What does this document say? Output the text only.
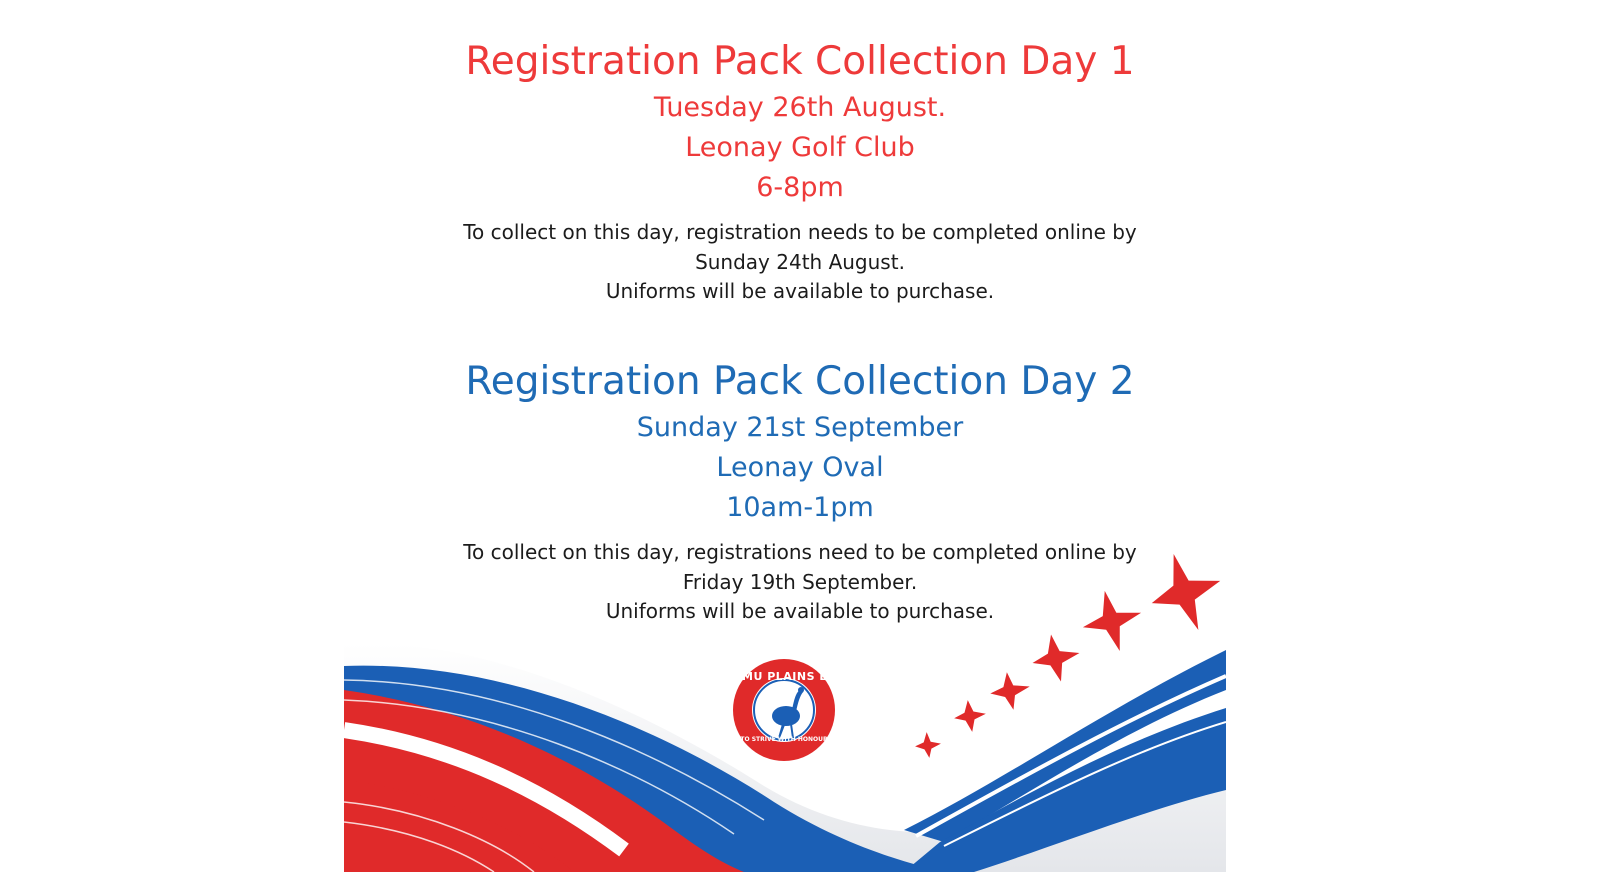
Registration Pack Collection Day 1
Tuesday 26th August.
Leonay Golf Club
6-8pm
To collect on this day, registration needs to be completed online by
Sunday 24th August.
Uniforms will be available to purchase.
Registration Pack Collection Day 2
Sunday 21st September
Leonay Oval
10am-1pm
To collect on this day, registrations need to be completed online by
Friday 19th September.
Uniforms will be available to purchase.
EMU PLAINS L.A.C
TO STRIVE WITH HONOUR
